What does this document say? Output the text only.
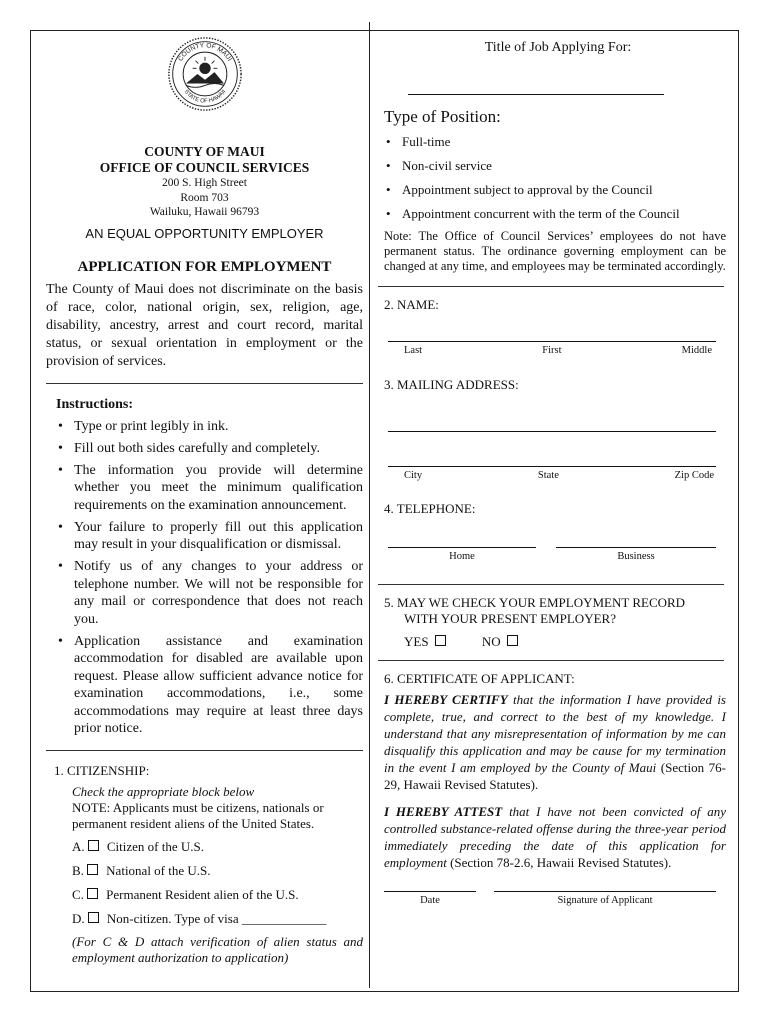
COUNTY OF MAUI
STATE OF HAWAII
COUNTY OF MAUI
OFFICE OF COUNCIL SERVICES
200 S. High Street
Room 703
Wailuku, Hawaii 96793
AN EQUAL OPPORTUNITY EMPLOYER
APPLICATION FOR EMPLOYMENT
The County of Maui does not discriminate on the basis of race, color, national origin, sex, religion, age, disability, ancestry, arrest and court record, marital status, or sexual orientation in employment or the provision of services.
Instructions:
• Type or print legibly in ink.
• Fill out both sides carefully and completely.
• The information you provide will determine whether you meet the minimum qualification requirements on the examination announcement.
• Your failure to properly fill out this application may result in your disqualification or dismissal.
• Notify us of any changes to your address or telephone number. We will not be responsible for any mail or correspondence that does not reach you.
• Application assistance and examination accommodation for disabled are available upon request. Please allow sufficient advance notice for examination accommodations, i.e., some accommodations may require at least three days prior notice.
1. CITIZENSHIP:
Check the appropriate block below
NOTE: Applicants must be citizens, nationals or permanent resident aliens of the United States.
A. Citizen of the U.S.
B. National of the U.S.
C. Permanent Resident alien of the U.S.
D. Non-citizen. Type of visa _____________
(For C & D attach verification of alien status and employment authorization to application)
Title of Job Applying For:
Type of Position:
• Full-time
• Non-civil service
• Appointment subject to approval by the Council
• Appointment concurrent with the term of the Council
Note: The Office of Council Services’ employees do not have permanent status. The ordinance governing employment can be changed at any time, and employees may be terminated accordingly.
2. NAME:
Last	First	Middle
3. MAILING ADDRESS:
City	State	Zip Code
4. TELEPHONE:
Home	Business
5. MAY WE CHECK YOUR EMPLOYMENT RECORD
WITH YOUR PRESENT EMPLOYER?
YES	NO
6. CERTIFICATE OF APPLICANT:
I HEREBY CERTIFY that the information I have provided is complete, true, and correct to the best of my knowledge. I understand that any misrepresentation of information by me can disqualify this application and may be cause for my termination in the event I am employed by the County of Maui (Section 76-29, Hawaii Revised Statutes).
I HEREBY ATTEST that I have not been convicted of any controlled substance-related offense during the three-year period immediately preceding the date of this application for employment (Section 78-2.6, Hawaii Revised Statutes).
Date	Signature of Applicant
